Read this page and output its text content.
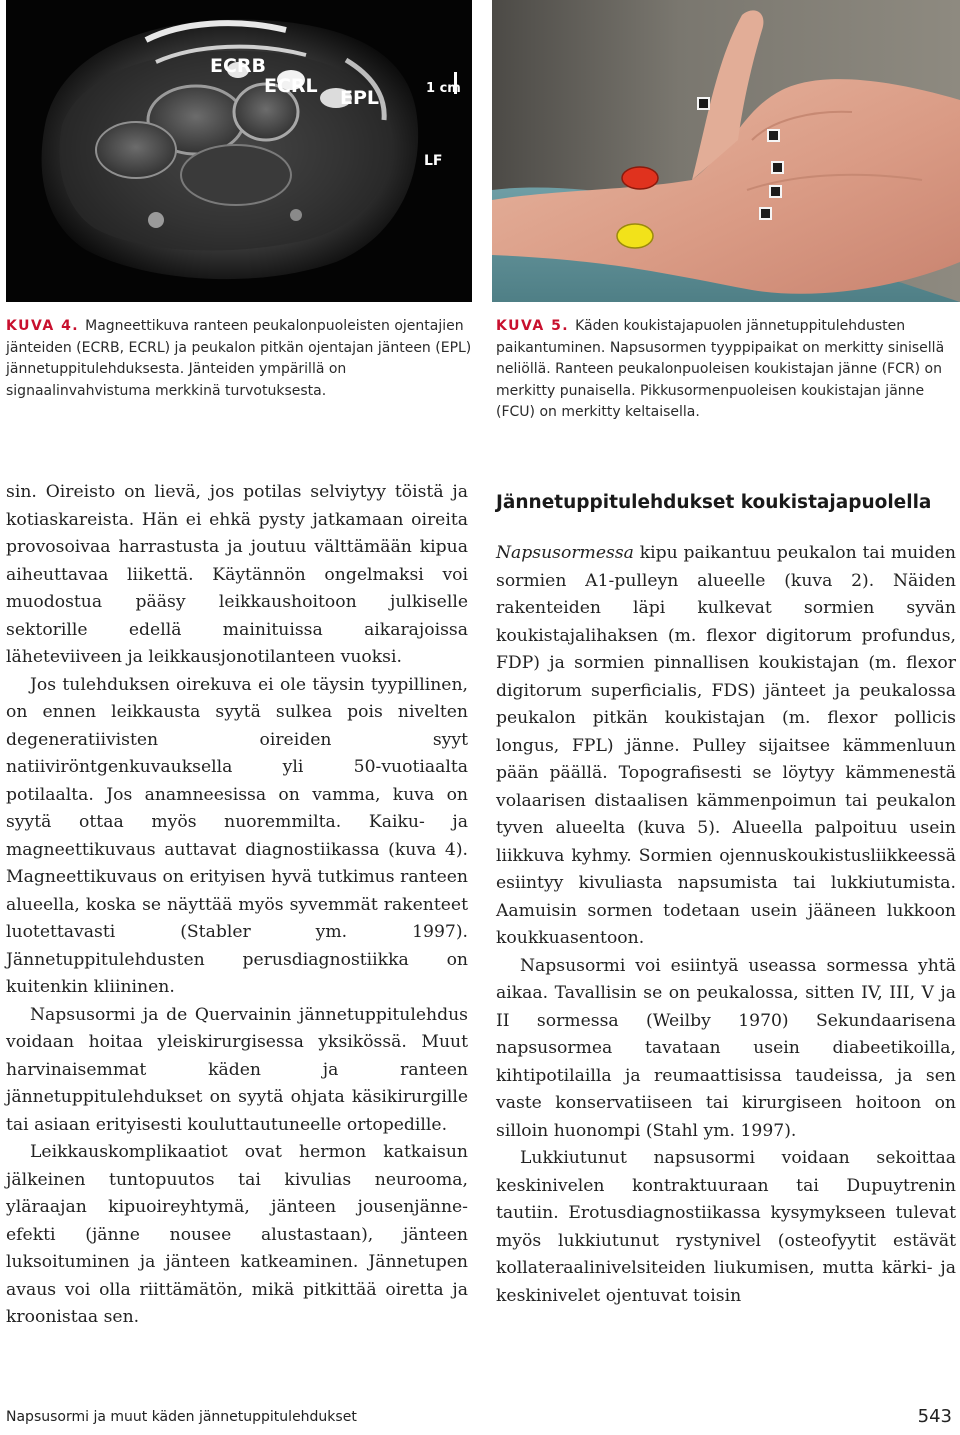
ECRB
ECRL
EPL	1 cm
LF

KUVA 4. Magneettikuva ranteen peukalonpuoleisten ojentajien jänteiden (ECRB, ECRL) ja peukalon pitkän ojentajan jänteen (EPL) jännetuppitulehduksesta. Jänteiden ympärillä on signaalinvahvistuma merkkinä turvotuksesta.

KUVA 5. Käden koukistajapuolen jännetuppitulehdusten paikantuminen. Napsusormen tyyppipaikat on merkitty sinisellä neliöllä. Ranteen peukalonpuoleisen koukistajan jänne (FCR) on merkitty punaisella. Pikkusormenpuoleisen koukistajan jänne (FCU) on merkitty keltaisella.

sin. Oireisto on lievä, jos potilas selviytyy töistä ja kotiaskareista. Hän ei ehkä pysty jatkamaan oireita provosoivaa harrastusta ja joutuu välttämään kipua aiheuttavaa liikettä. Käytännön ongelmaksi voi muodostua pääsy leikkaushoitoon julkiselle sektorille edellä mainituissa aikarajoissa läheteviiveen ja leikkausjonotilanteen vuoksi.

Jos tulehduksen oirekuva ei ole täysin tyypillinen, on ennen leikkausta syytä sulkea pois nivelten degeneratiivisten oireiden syyt natiiviröntgenkuvauksella yli 50-vuotiaalta potilaalta. Jos anamneesissa on vamma, kuva on syytä ottaa myös nuoremmilta. Kaiku- ja magneettikuvaus auttavat diagnostiikassa (kuva 4). Magneettikuvaus on erityisen hyvä tutkimus ranteen alueella, koska se näyttää myös syvemmät rakenteet luotettavasti (Stabler ym. 1997). Jännetuppitulehdusten perusdiagnostiikka on kuitenkin kliininen.

Napsusormi ja de Quervainin jännetuppitulehdus voidaan hoitaa yleiskirurgisessa yksikössä. Muut harvinaisemmat käden ja ranteen jännetuppitulehdukset on syytä ohjata käsikirurgille tai asiaan erityisesti kouluttautuneelle ortopedille.

Leikkauskomplikaatiot ovat hermon katkaisun jälkeinen tuntopuutos tai kivulias neurooma, yläraajan kipuoireyhtymä, jänteen jousenjänne-efekti (jänne nousee alustastaan), jänteen luksoituminen ja jänteen katkeaminen. Jännetupen avaus voi olla riittämätön, mikä pitkittää oiretta ja kroonistaa sen.

Jännetuppitulehdukset koukistajapuolella

Napsusormessa kipu paikantuu peukalon tai muiden sormien A1-pulleyn alueelle (kuva 2). Näiden rakenteiden läpi kulkevat sormien syvän koukistajalihaksen (m. flexor digitorum profundus, FDP) ja sormien pinnallisen koukistajan (m. flexor digitorum superficialis, FDS) jänteet ja peukalossa peukalon pitkän koukistajan (m. flexor pollicis longus, FPL) jänne. Pulley sijaitsee kämmenluun pään päällä. Topografisesti se löytyy kämmenestä volaarisen distaalisen kämmenpoimun tai peukalon tyven alueelta (kuva 5). Alueella palpoituu usein liikkuva kyhmy. Sormien ojennuskoukistusliikkeessä esiintyy kivuliasta napsumista tai lukkiutumista. Aamuisin sormen todetaan usein jääneen lukkoon koukkuasentoon.

Napsusormi voi esiintyä useassa sormessa yhtä aikaa. Tavallisin se on peukalossa, sitten IV, III, V ja II sormessa (Weilby 1970) Sekundaarisena napsusormea tavataan usein diabeetikoilla, kihtipotilailla ja reumaattisissa taudeissa, ja sen vaste konservatiiseen tai kirurgiseen hoitoon on silloin huonompi (Stahl ym. 1997).

Lukkiutunut napsusormi voidaan sekoittaa keskinivelen kontraktuuraan tai Dupuytrenin tautiin. Erotusdiagnostiikassa kysymykseen tulevat myös lukkiutunut rystynivel (osteofyytit estävät kollateraalinivelsiteiden liukumisen, mutta kärki- ja keskinivelet ojentuvat toisin

Napsusormi ja muut käden jännetuppitulehdukset	543
